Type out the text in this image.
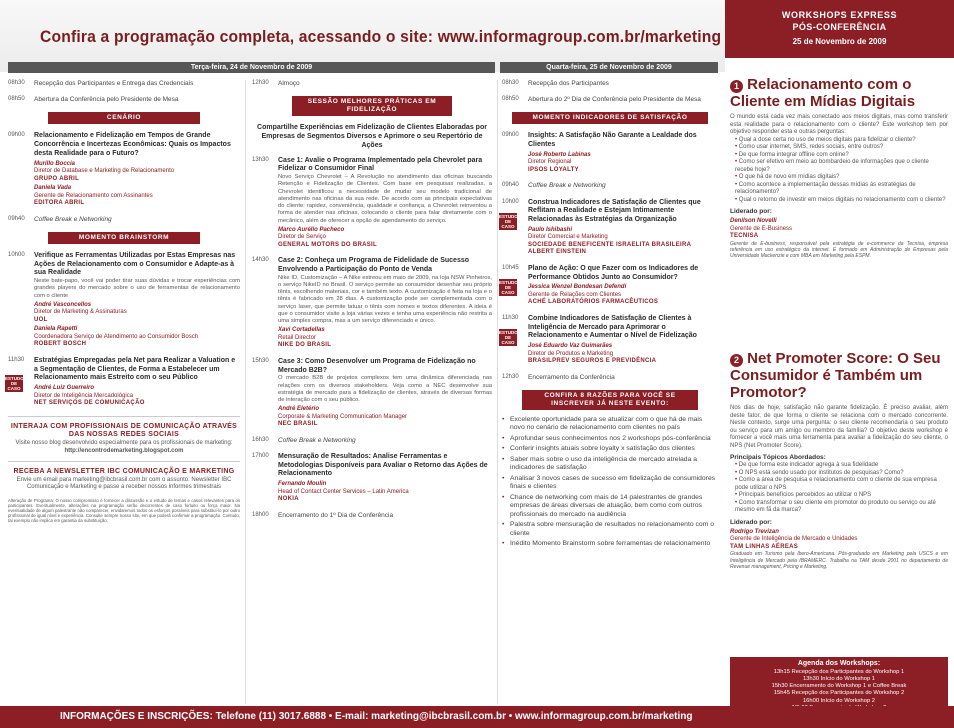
Confira a programação completa, acessando o site: www.informagroup.com.br/marketing
Terça-feira, 24 de Novembro de 2009	Quarta-feira, 25 de Novembro de 2009
WORKSHOPS EXPRESS
PÓS-CONFERÊNCIA
25 de Novembro de 2009
08h30 Recepção dos Participantes e Entrega das Credenciais
08h50 Abertura da Conferência pelo Presidente de Mesa
CENÁRIO
09h00 Relacionamento e Fidelização em Tempos de Grande Concorrência e Incertezas Econômicas: Quais os Impactos desta Realidade para o Futuro?
Murillo Boccia
Diretor de Database e Marketing de Relacionamento
GRUPO ABRIL
Daniela Vada
Gerente de Relacionamento com Assinantes
EDITORA ABRIL
09h40 Coffee Break e Networking
MOMENTO BRAINSTORM
10h00 Verifique as Ferramentas Utilizadas por Estas Empresas nas Ações de Relacionamento com o Consumidor e Adapte-as à sua Realidade
Neste bate-papo, você vai poder tirar suas dúvidas e trocar experiências com grandes players do mercado sobre o uso de ferramentas de relacionamento com o cliente
André Vasconcellos
Diretor de Marketing & Assinaturas
UOL
Daniela Rapetti
Coordenadora Serviço de Atendimento ao Consumidor Bosch
ROBERT BOSCH
11h30
ESTUDO DE CASO
Estratégias Empregadas pela Net para Realizar a Valuation e a Segmentação de Clientes, de Forma a Estabelecer um Relacionamento mais Estreito com o seu Público
André Luiz Guerreiro
Diretor de Inteligência Mercadológica
NET SERVIÇOS DE COMUNICAÇÃO
INTERAJA COM PROFISSIONAIS DE COMUNICAÇÃO ATRAVÉS DAS NOSSAS REDES SOCIAIS
Visite nosso blog desenvolvido especialmente para os profissionais de marketing:
http://encontrodemarketing.blogspot.com
RECEBA A NEWSLETTER IBC COMUNICAÇÃO E MARKETING
Envie um email para marketing@ibcbrasil.com.br com o assunto: Newsletter IBC Comunicação e Marketing e passe a receber nossos informes trimestrais
Alteração de Programa: O nosso compromisso é fornecer a discussão e o estudo de temas e casos relevantes para os participantes. Eventualmente, alterações na programação serão decorrentes de caso fortuito ou força maior. Na eventualidade de algum palestrante não comparecer, envidaremos todos os esforços possíveis para substituí-lo por outro profissional de igual nível e experiência. Consulte sempre nosso site, em que poderá confirmar a programação. Contudo, tal exemplo não implica em garantia da substituição.
12h30 Almoço
SESSÃO MELHORES PRÁTICAS EM FIDELIZAÇÃO
Compartilhe Experiências em Fidelização de Clientes Elaboradas por Empresas de Segmentos Diversos e Aprimore o seu Repertório de Ações
13h30 Case 1: Avalie o Programa Implementado pela Chevrolet para Fidelizar o Consumidor Final
Novo Serviço Chevrolet – A Revolução no atendimento das oficinas buscando Retenção e Fidelização de Clientes. Com base em pesquisas realizadas, a Chevrolet identificou a necessidade de mudar seu modelo tradicional de atendimento nas oficinas da sua rede. De acordo com as principais expectativas do cliente: rapidez, conveniência, qualidade e confiança, a Chevrolet reinventou a forma de atender nas oficinas, colocando o cliente para falar diretamente com o mecânico, além de oferecer a opção de agendamento do serviço.
Marco Aurélio Pacheco
Diretor de Serviço
GENERAL MOTORS DO BRASIL
14h30 Case 2: Conheça um Programa de Fidelidade de Sucesso Envolvendo a Participação do Ponto de Venda
Nike ID, Customização – A Nike estreou em maio de 2009, na loja NSW Pinheiros, o serviço NikeID no Brasil. O serviço permite ao consumidor desenhar seu próprio tênis, escolhendo materiais, cor e também texto. A customização é feita na loja e o tênis é fabricado em 28 dias. A customização pode ser complementada com o serviço laser, que permite tatuar o tênis com nomes e textos diferentes. A ideia é que o consumidor visite a loja várias vezes e tenha uma experiência não restrita a uma simples compra, mas a um serviço diferenciado e único.
Xavi Cortadellas
Retail Director
NIKE DO BRASIL
15h30 Case 3: Como Desenvolver um Programa de Fidelização no Mercado B2B?
O mercado B2B de projetos complexos tem uma dinâmica diferenciada nas relações com os diversos stakeholders. Veja como a NEC desenvolve sua estratégia de mercado para a fidelização de clientes, através de diversas formas de interação com o seu público.
André Eletério
Corporate & Marketing Communication Manager
NEC BRASIL
16h30 Coffee Break e Networking
17h00 Mensuração de Resultados: Analise Ferramentas e Metodologias Disponíveis para Avaliar o Retorno das Ações de Relacionamento
Fernando Moulin
Head of Contact Center Services – Latin America
NOKIA
18h00 Encerramento do 1º Dia de Conferência
08h30 Recepção dos Participantes
08h50 Abertura do 2º Dia de Conferência pelo Presidente de Mesa
MOMENTO INDICADORES DE SATISFAÇÃO
09h00 Insights: A Satisfação Não Garante a Lealdade dos Clientes
José Roberto Labinas
Diretor Regional
IPSOS LOYALTY
09h40 Coffee Break e Networking
10h00
ESTUDO DE CASO
Construa Indicadores de Satisfação de Clientes que Reflitam a Realidade e Estejam Intimamente Relacionadas às Estratégias da Organização
Paulo Ishibashi
Diretor Comercial e Marketing
SOCIEDADE BENEFICENTE ISRAELITA BRASILEIRA ALBERT EINSTEIN
10h45
ESTUDO DE CASO
Plano de Ação: O que Fazer com os Indicadores de Performance Obtidos Junto ao Consumidor?
Jessica Wenzel Bondesan Defendi
Gerente de Relações com Clientes
ACHÉ LABORATÓRIOS FARMACÊUTICOS
11h30
ESTUDO DE CASO
Combine Indicadores de Satisfação de Clientes à Inteligência de Mercado para Aprimorar o Relacionamento e Aumentar o Nível de Fidelização
José Eduardo Vaz Guimarães
Diretor de Produtos e Marketing
BRASILPREV SEGUROS E PREVIDÊNCIA
12h30 Encerramento da Conferência
CONFIRA 8 RAZÕES PARA VOCÊ SE INSCREVER JÁ NESTE EVENTO:
• Excelente oportunidade para se atualizar com o que há de mais novo no cenário de relacionamento com clientes no país
• Aprofundar seus conhecimentos nos 2 workshops pós-conferência
• Conferir insights atuais sobre loyalty x satisfação dos clientes
• Saber mais sobre o uso da inteligência de mercado atrelada a indicadores de satisfação
• Analisar 3 novos cases de sucesso em fidelização de consumidores finais e clientes
• Chance de networking com mais de 14 palestrantes de grandes empresas de áreas diversas de atuação, bem como com outros profissionais do mercado na audiência
• Palestra sobre mensuração de resultados no relacionamento com o cliente
• Inédito Momento Brainstorm sobre ferramentas de relacionamento
1 Relacionamento com o Cliente em Mídias Digitais
O mundo está cada vez mais conectado aos meios digitais, mas como transferir esta realidade para o relacionamento com o cliente? Este workshop tem por objetivo responder esta e outras perguntas:
• Qual a dose certa no uso de meios digitais para fidelizar o cliente?
• Como usar internet, SMS, redes sociais, entre outros?
• De que forma integrar offline com online?
• Como ser efetivo em meio ao bombardeio de informações que o cliente recebe hoje?
• O que há de novo em mídias digitais?
• Como acontece a implementação dessas mídias às estratégias de relacionamento?
• Qual o retorno de investir em meios digitais no relacionamento com o cliente?
Liderado por:
Denilson Novelli
Gerente de E-Business
TECNISA
Gerente de E-business, responsável pela estratégia de e-commerce da Tecnisa, empresa referência em uso estratégico da internet. É formado em Administração de Empresas pela Universidade Mackenzie e com MBA em Marketing pela ESPM.
2 Net Promoter Score: O Seu Consumidor é Também um Promotor?
Nos dias de hoje, satisfação não garante fidelização. É preciso avaliar, além deste fator, de que forma o cliente se relaciona com o mercado concorrente. Neste contexto, surge uma pergunta: o seu cliente recomendaria o seu produto ou serviço para um amigo ou membro da família? O objetivo deste workshop é fornecer a você mais uma ferramenta para avaliar a fidelização do seu cliente, o NPS (Net Promoter Score).
Principais Tópicos Abordados:
• De que forma este indicador agrega à sua fidelidade
• O NPS está sendo usado por institutos de pesquisas? Como?
• Como a área de pesquisa e relacionamento com o cliente de sua empresa pode utilizar o NPS
• Principais benefícios percebidos ao utilizar o NPS
• Como transformar o seu cliente em promotor do produto ou serviço ou até mesmo em fã da marca?
Liderado por:
Rodrigo Trevizan
Gerente de Inteligência de Mercado e Unidades
TAM LINHAS AÉREAS
Graduado em Turismo pela Ibero-Americana. Pós-graduado em Marketing pela USCS e em Inteligência de Mercado pela IBRAMERC. Trabalha na TAM desde 2001 no departamento de Revenue management, Pricing e Marketing.
Agenda dos Workshops:
13h15 Recepção dos Participantes do Workshop 1
13h30 Início do Workshop 1
15h30 Encerramento do Workshop 1 e Coffee Break
15h45 Recepção dos Participantes do Workshop 2
16h00 Início do Workshop 2
INFORMAÇÕES E INSCRIÇÕES: Telefone (11) 3017.6888 • E-mail: marketing@ibcbrasil.com.br • www.informagroup.com.br/marketing
